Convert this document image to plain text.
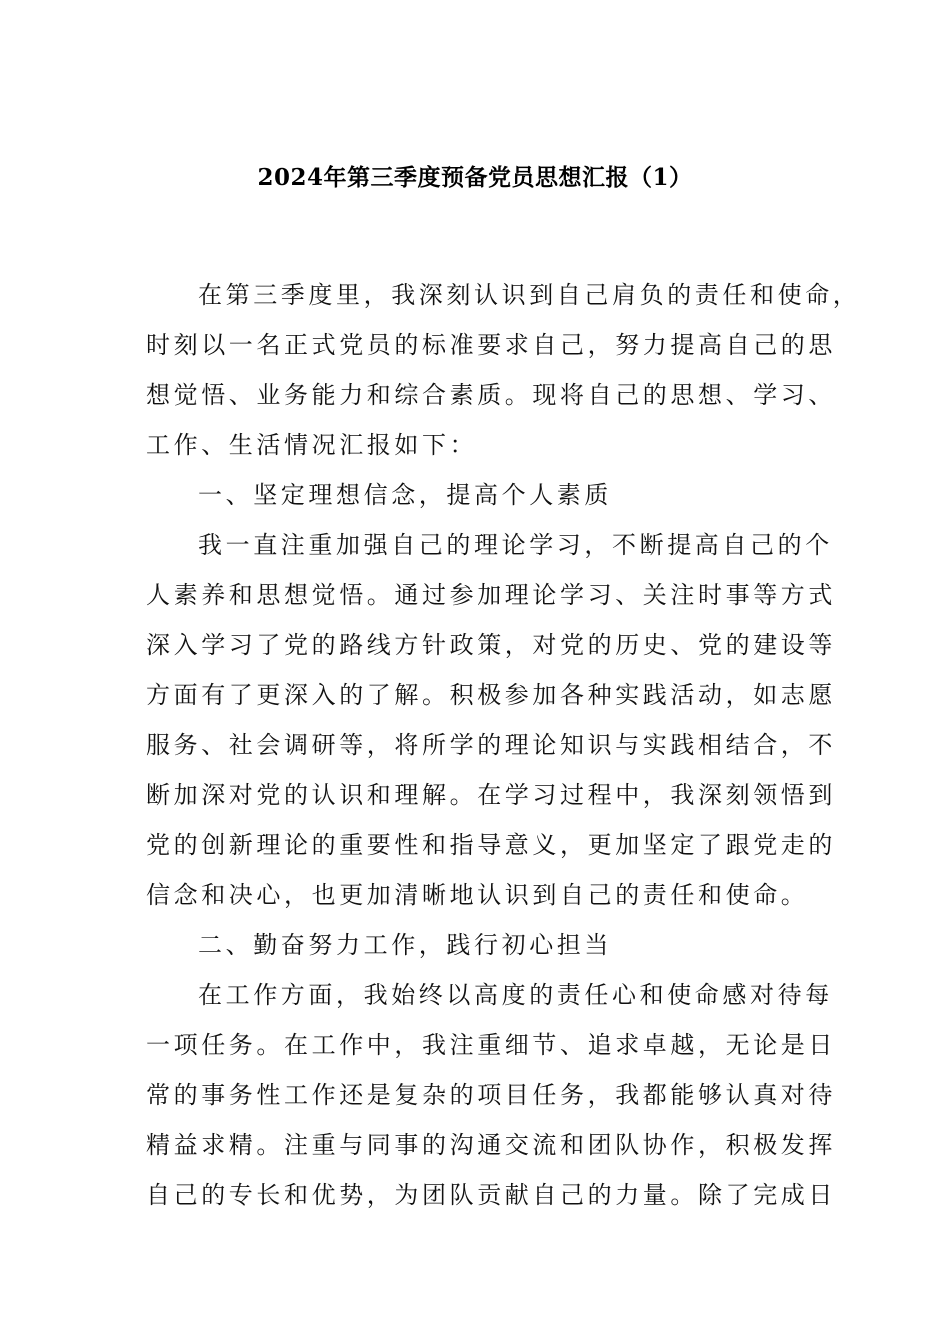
2024年第三季度预备党员思想汇报（1）
在第三季度里，我深刻认识到自己肩负的责任和使命，
时刻以一名正式党员的标准要求自己，努力提高自己的思
想觉悟、业务能力和综合素质。现将自己的思想、学习、
工作、生活情况汇报如下：
一、坚定理想信念，提高个人素质
我一直注重加强自己的理论学习，不断提高自己的个
人素养和思想觉悟。通过参加理论学习、关注时事等方式
深入学习了党的路线方针政策，对党的历史、党的建设等
方面有了更深入的了解。积极参加各种实践活动，如志愿
服务、社会调研等，将所学的理论知识与实践相结合，不
断加深对党的认识和理解。在学习过程中，我深刻领悟到
党的创新理论的重要性和指导意义，更加坚定了跟党走的
信念和决心，也更加清晰地认识到自己的责任和使命。
二、勤奋努力工作，践行初心担当
在工作方面，我始终以高度的责任心和使命感对待每
一项任务。在工作中，我注重细节、追求卓越，无论是日
常的事务性工作还是复杂的项目任务，我都能够认真对待
精益求精。注重与同事的沟通交流和团队协作，积极发挥
自己的专长和优势，为团队贡献自己的力量。除了完成日
